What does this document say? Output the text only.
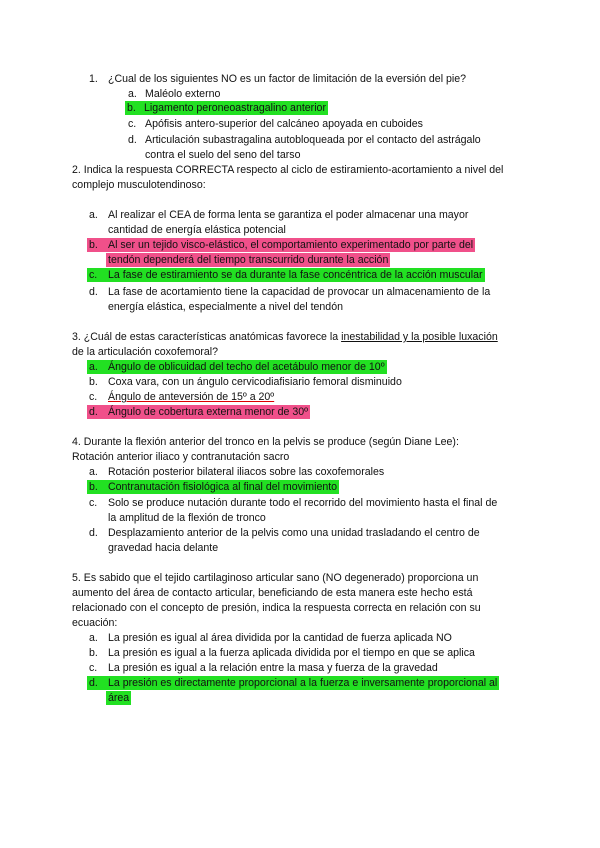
1. ¿Cual de los siguientes NO es un factor de limitación de la eversión del pie?
a. Maléolo externo
b. Ligamento peroneoastragalino anterior
c. Apófisis antero-superior del calcáneo apoyada en cuboides
d. Articulación subastragalina autobloqueada por el contacto del astrágalo
contra el suelo del seno del tarso
2. Indica la respuesta CORRECTA respecto al ciclo de estiramiento-acortamiento a nivel del
complejo musculotendinoso:
a. Al realizar el CEA de forma lenta se garantiza el poder almacenar una mayor
cantidad de energía elástica potencial
b. Al ser un tejido visco-elástico, el comportamiento experimentado por parte del
tendón dependerá del tiempo transcurrido durante la acción
c. La fase de estiramiento se da durante la fase concéntrica de la acción muscular
d. La fase de acortamiento tiene la capacidad de provocar un almacenamiento de la
energía elástica, especialmente a nivel del tendón
3. ¿Cuál de estas características anatómicas favorece la inestabilidad y la posible luxación
de la articulación coxofemoral?
a. Ángulo de oblicuidad del techo del acetábulo menor de 10º
b. Coxa vara, con un ángulo cervicodiafisiario femoral disminuido
c. Ángulo de anteversión de 15º a 20º
d. Ángulo de cobertura externa menor de 30º
4. Durante la flexión anterior del tronco en la pelvis se produce (según Diane Lee):
Rotación anterior iliaco y contranutación sacro
a. Rotación posterior bilateral iliacos sobre las coxofemorales
b. Contranutación fisiológica al final del movimiento
c. Solo se produce nutación durante todo el recorrido del movimiento hasta el final de
la amplitud de la flexión de tronco
d. Desplazamiento anterior de la pelvis como una unidad trasladando el centro de
gravedad hacia delante
5. Es sabido que el tejido cartilaginoso articular sano (NO degenerado) proporciona un
aumento del área de contacto articular, beneficiando de esta manera este hecho está
relacionado con el concepto de presión, indica la respuesta correcta en relación con su
ecuación:
a. La presión es igual al área dividida por la cantidad de fuerza aplicada NO
b. La presión es igual a la fuerza aplicada dividida por el tiempo en que se aplica
c. La presión es igual a la relación entre la masa y fuerza de la gravedad
d. La presión es directamente proporcional a la fuerza e inversamente proporcional al
área
